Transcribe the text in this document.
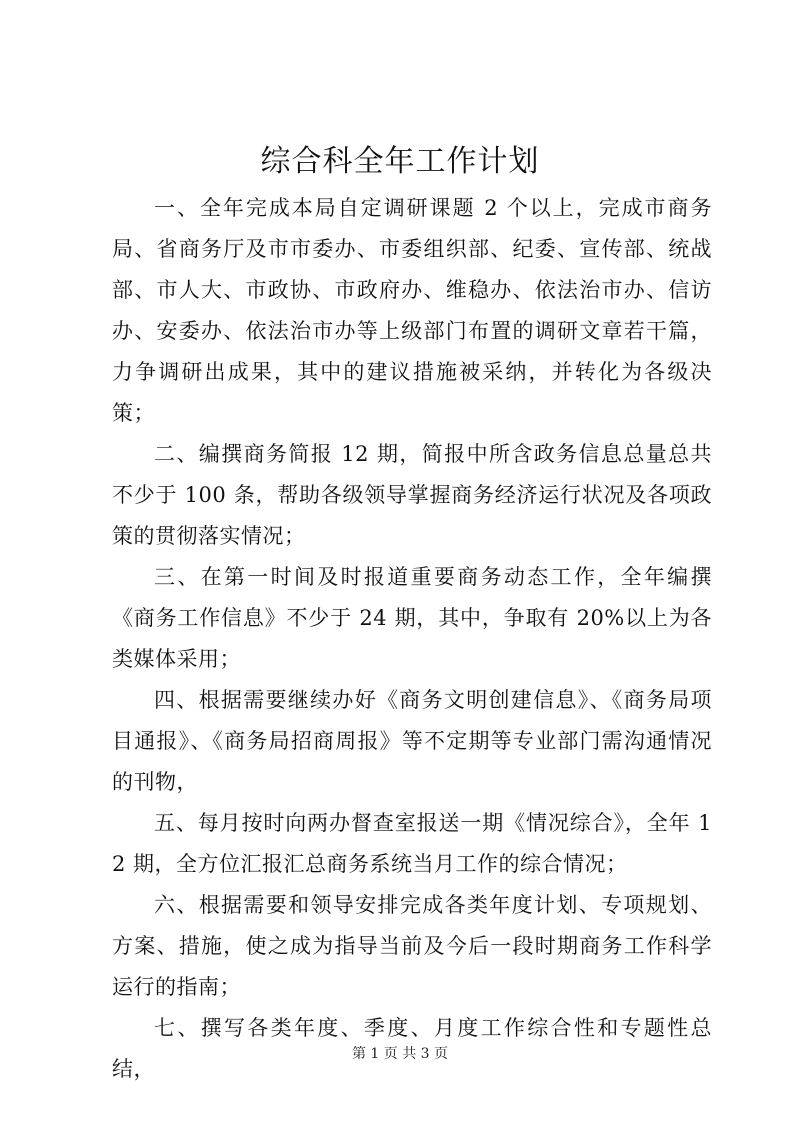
综合科全年工作计划

一、全年完成本局自定调研课题 2 个以上，完成市商务局、省商务厅及市市委办、市委组织部、纪委、宣传部、统战部、市人大、市政协、市政府办、维稳办、依法治市办、信访办、安委办、依法治市办等上级部门布置的调研文章若干篇，力争调研出成果，其中的建议措施被采纳，并转化为各级决策；

二、编撰商务简报 12 期，简报中所含政务信息总量总共不少于 100 条，帮助各级领导掌握商务经济运行状况及各项政策的贯彻落实情况；

三、在第一时间及时报道重要商务动态工作，全年编撰《商务工作信息》不少于 24 期，其中，争取有 20%以上为各类媒体采用；

四、根据需要继续办好《商务文明创建信息》、《商务局项目通报》、《商务局招商周报》等不定期等专业部门需沟通情况的刊物，

五、每月按时向两办督查室报送一期《情况综合》，全年 12 期，全方位汇报汇总商务系统当月工作的综合情况；

六、根据需要和领导安排完成各类年度计划、专项规划、方案、措施，使之成为指导当前及今后一段时期商务工作科学运行的指南；

七、撰写各类年度、季度、月度工作综合性和专题性总结，

第 1 页 共 3 页
